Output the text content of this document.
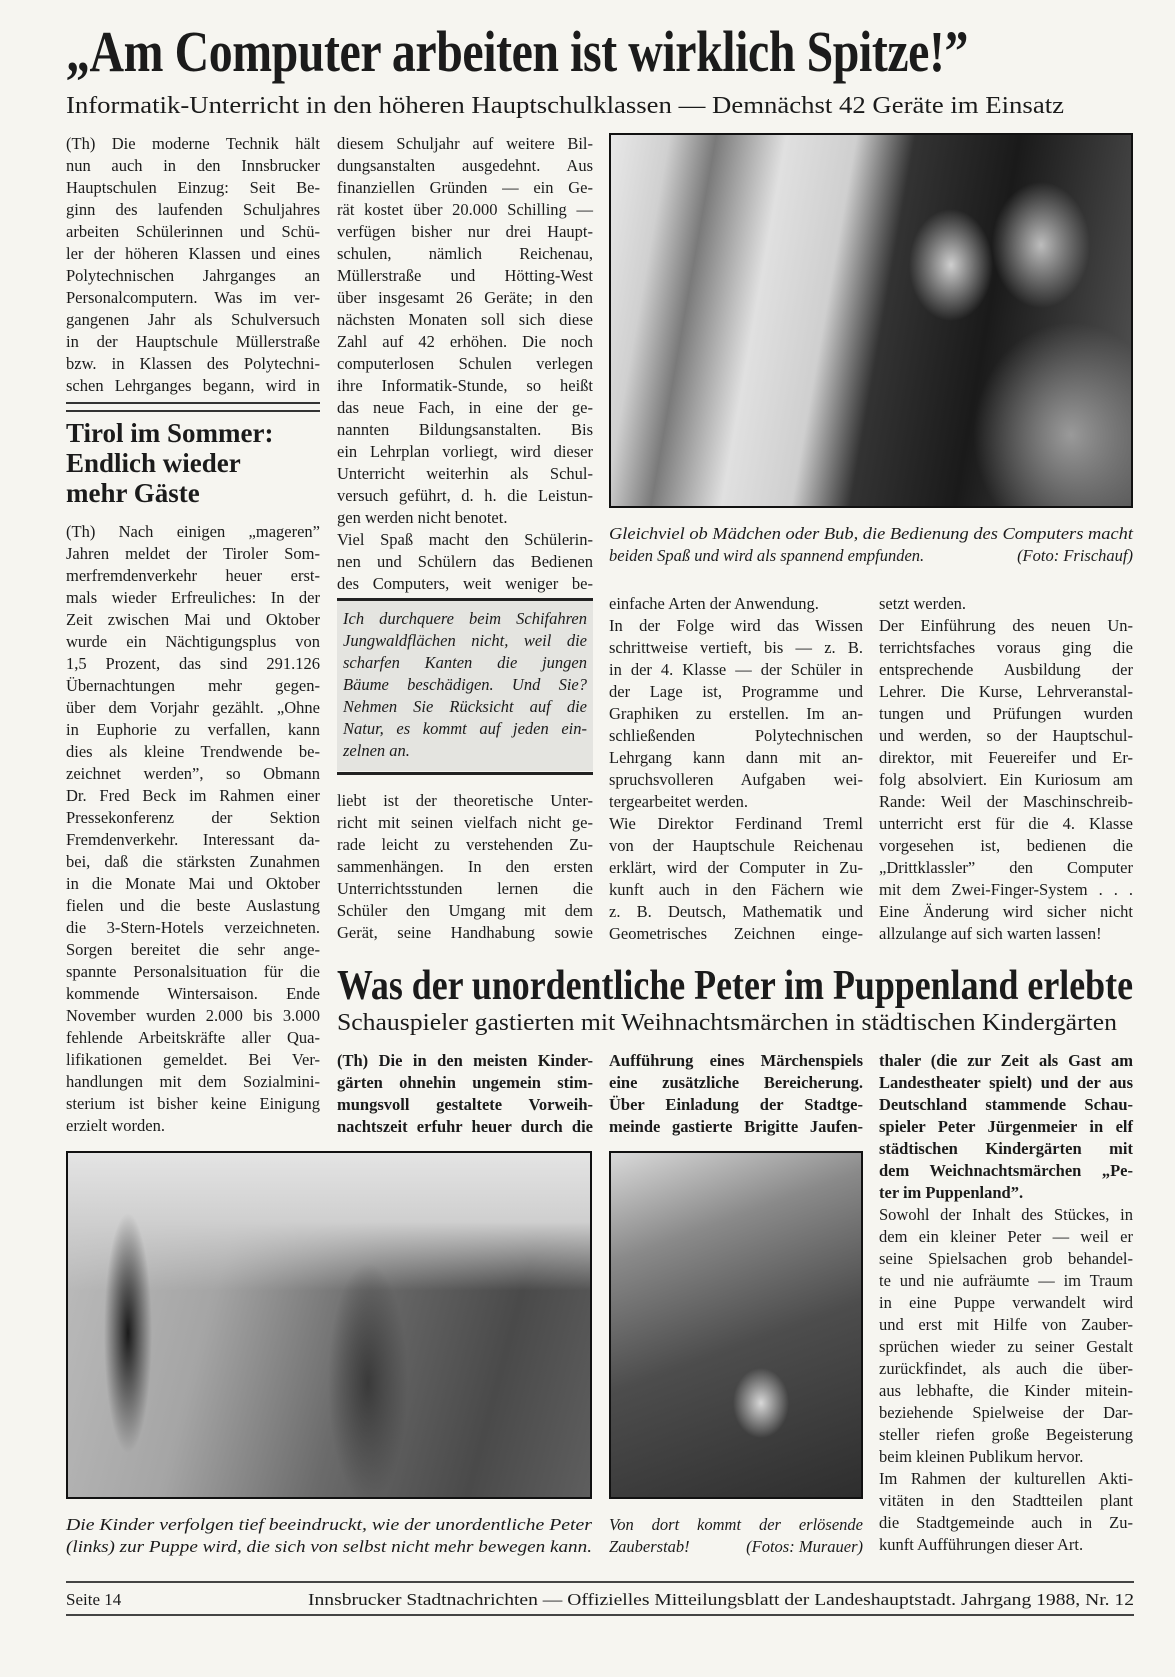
„Am Computer arbeiten ist wirklich Spitze!”
Informatik-Unterricht in den höheren Hauptschulklassen — Demnächst 42 Geräte im Einsatz
(Th) Die moderne Technik hält
nun auch in den Innsbrucker
Hauptschulen Einzug: Seit Be-
ginn des laufenden Schuljahres
arbeiten Schülerinnen und Schü-
ler der höheren Klassen und eines
Polytechnischen Jahrganges an
Personalcomputern. Was im ver-
gangenen Jahr als Schulversuch
in der Hauptschule Müllerstraße
bzw. in Klassen des Polytechni-
schen Lehrganges begann, wird in
Tirol im Sommer:
Endlich wieder
mehr Gäste
(Th) Nach einigen „mageren”
Jahren meldet der Tiroler Som-
merfremdenverkehr heuer erst-
mals wieder Erfreuliches: In der
Zeit zwischen Mai und Oktober
wurde ein Nächtigungsplus von
1,5 Prozent, das sind 291.126
Übernachtungen mehr gegen-
über dem Vorjahr gezählt. „Ohne
in Euphorie zu verfallen, kann
dies als kleine Trendwende be-
zeichnet werden”, so Obmann
Dr. Fred Beck im Rahmen einer
Pressekonferenz der Sektion
Fremdenverkehr. Interessant da-
bei, daß die stärksten Zunahmen
in die Monate Mai und Oktober
fielen und die beste Auslastung
die 3-Stern-Hotels verzeichneten.
Sorgen bereitet die sehr ange-
spannte Personalsituation für die
kommende Wintersaison. Ende
November wurden 2.000 bis 3.000
fehlende Arbeitskräfte aller Qua-
lifikationen gemeldet. Bei Ver-
handlungen mit dem Sozialmini-
sterium ist bisher keine Einigung
erzielt worden.
diesem Schuljahr auf weitere Bil-
dungsanstalten ausgedehnt. Aus
finanziellen Gründen — ein Ge-
rät kostet über 20.000 Schilling —
verfügen bisher nur drei Haupt-
schulen, nämlich Reichenau,
Müllerstraße und Hötting-West
über insgesamt 26 Geräte; in den
nächsten Monaten soll sich diese
Zahl auf 42 erhöhen. Die noch
computerlosen Schulen verlegen
ihre Informatik-Stunde, so heißt
das neue Fach, in eine der ge-
nannten Bildungsanstalten. Bis
ein Lehrplan vorliegt, wird dieser
Unterricht weiterhin als Schul-
versuch geführt, d. h. die Leistun-
gen werden nicht benotet.
Viel Spaß macht den Schülerin-
nen und Schülern das Bedienen
des Computers, weit weniger be-
Ich durchquere beim Schifahren
Jungwaldflächen nicht, weil die
scharfen Kanten die jungen
Bäume beschädigen. Und Sie?
Nehmen Sie Rücksicht auf die
Natur, es kommt auf jeden ein-
zelnen an.
liebt ist der theoretische Unter-
richt mit seinen vielfach nicht ge-
rade leicht zu verstehenden Zu-
sammenhängen. In den ersten
Unterrichtsstunden lernen die
Schüler den Umgang mit dem
Gerät, seine Handhabung sowie
Gleichviel ob Mädchen oder Bub, die Bedienung des Computers macht
beiden Spaß und wird als spannend empfunden.	(Foto: Frischauf)
einfache Arten der Anwendung.
In der Folge wird das Wissen
schrittweise vertieft, bis — z. B.
in der 4. Klasse — der Schüler in
der Lage ist, Programme und
Graphiken zu erstellen. Im an-
schließenden Polytechnischen
Lehrgang kann dann mit an-
spruchsvolleren Aufgaben wei-
tergearbeitet werden.
Wie Direktor Ferdinand Treml
von der Hauptschule Reichenau
erklärt, wird der Computer in Zu-
kunft auch in den Fächern wie
z. B. Deutsch, Mathematik und
Geometrisches Zeichnen einge-
setzt werden.
Der Einführung des neuen Un-
terrichtsfaches voraus ging die
entsprechende Ausbildung der
Lehrer. Die Kurse, Lehrveranstal-
tungen und Prüfungen wurden
und werden, so der Hauptschul-
direktor, mit Feuereifer und Er-
folg absolviert. Ein Kuriosum am
Rande: Weil der Maschinschreib-
unterricht erst für die 4. Klasse
vorgesehen ist, bedienen die
„Drittklassler” den Computer
mit dem Zwei-Finger-System . . .
Eine Änderung wird sicher nicht
allzulange auf sich warten lassen!
Was der unordentliche Peter im Puppenland erlebte
Schauspieler gastierten mit Weihnachtsmärchen in städtischen Kindergärten
(Th) Die in den meisten Kinder-
gärten ohnehin ungemein stim-
mungsvoll gestaltete Vorweih-
nachtszeit erfuhr heuer durch die
Aufführung eines Märchenspiels
eine zusätzliche Bereicherung.
Über Einladung der Stadtge-
meinde gastierte Brigitte Jaufen-
thaler (die zur Zeit als Gast am
Landestheater spielt) und der aus
Deutschland stammende Schau-
spieler Peter Jürgenmeier in elf
städtischen Kindergärten mit
dem Weichnachtsmärchen „Pe-
ter im Puppenland”.
Sowohl der Inhalt des Stückes, in
dem ein kleiner Peter — weil er
seine Spielsachen grob behandel-
te und nie aufräumte — im Traum
in eine Puppe verwandelt wird
und erst mit Hilfe von Zauber-
sprüchen wieder zu seiner Gestalt
zurückfindet, als auch die über-
aus lebhafte, die Kinder mitein-
beziehende Spielweise der Dar-
steller riefen große Begeisterung
beim kleinen Publikum hervor.
Im Rahmen der kulturellen Akti-
vitäten in den Stadtteilen plant
die Stadtgemeinde auch in Zu-
kunft Aufführungen dieser Art.
Die Kinder verfolgen tief beeindruckt, wie der unordentliche Peter
(links) zur Puppe wird, die sich von selbst nicht mehr bewegen kann.
Von dort kommt der erlösende
Zauberstab!	(Fotos: Murauer)
Seite 14	Innsbrucker Stadtnachrichten — Offizielles Mitteilungsblatt der Landeshauptstadt. Jahrgang 1988, Nr. 12
